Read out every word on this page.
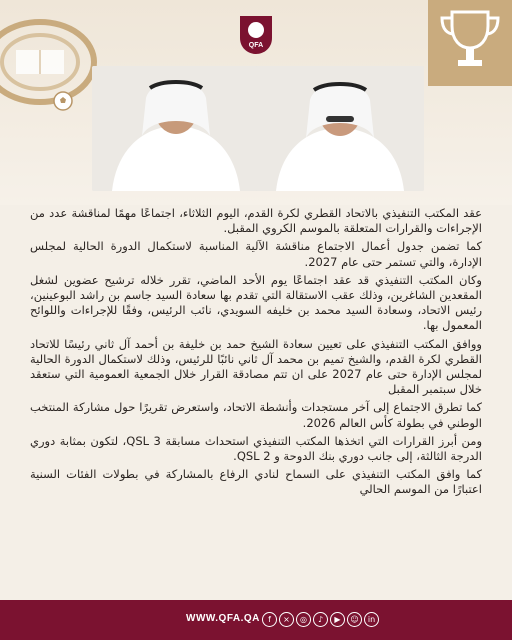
QFA

عقد المكتب التنفيذي بالاتحاد القطري لكرة القدم، اليوم الثلاثاء، اجتماعًا مهمًا لمناقشة عدد من الإجراءات والقرارات المتعلقة بالموسم الكروي المقبل.

كما تضمن جدول أعمال الاجتماع مناقشة الآلية المناسبة لاستكمال الدورة الحالية لمجلس الإدارة، والتي تستمر حتى عام 2027.

وكان المكتب التنفيذي قد عقد اجتماعًا يوم الأحد الماضي، تقرر خلاله ترشيح عضوين لشغل المقعدين الشاغرين، وذلك عقب الاستقالة التي تقدم بها سعادة السيد جاسم بن راشد البوعينين، رئيس الاتحاد، وسعادة السيد محمد بن خليفه السويدي، نائب الرئيس، وفقًا للإجراءات واللوائح المعمول بها.

ووافق المكتب التنفيذي على تعيين سعادة الشيخ حمد بن خليفة بن أحمد آل ثاني رئيسًا للاتحاد القطري لكرة القدم، والشيخ تميم بن محمد آل ثاني نائبًا للرئيس، وذلك لاستكمال الدورة الحالية لمجلس الإدارة حتى عام 2027 على ان تتم مصادقة القرار خلال الجمعية العمومية التي ستعقد خلال سبتمبر المقبل

كما تطرق الاجتماع إلى آخر مستجدات وأنشطة الاتحاد، واستعرض تقريرًا حول مشاركة المنتخب الوطني في بطولة كأس العالم 2026.

ومن أبرز القرارات التي اتخذها المكتب التنفيذي استحداث مسابقة QSL 3، لتكون بمثابة دوري الدرجة الثالثة، إلى جانب دوري بنك الدوحة و QSL 2.

كما وافق المكتب التنفيذي على السماح لنادي الرفاع بالمشاركة في بطولات الفئات السنية اعتبارًا من الموسم الحالي

WWW.QFA.QA	f	×	◎	♪	▶	☺	in
